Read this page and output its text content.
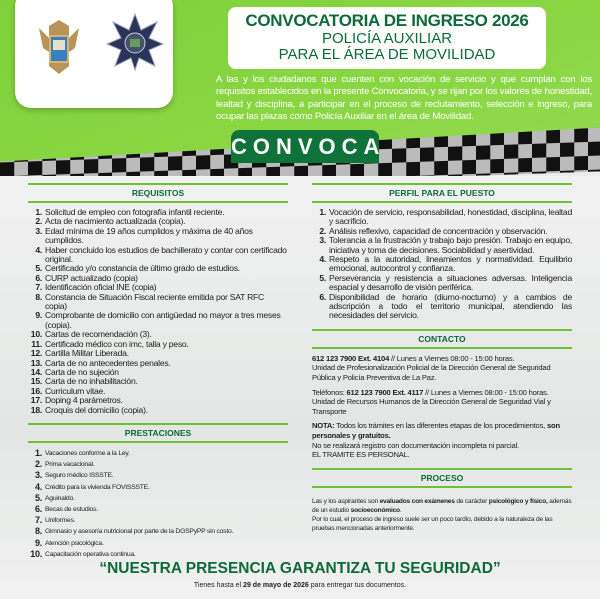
CONVOCATORIA DE INGRESO 2026
POLICÍA AUXILIAR
PARA EL ÁREA DE MOVILIDAD

A las y los ciudadanos que cuenten con vocación de servicio y que cumplan con los requisitos establecidos en la presente Convocatoria, y se rijan por los valores de honestidad, lealtad y disciplina, a participar en el proceso de reclutamiento, selección e ingreso, para ocupar las plazas como Policía Auxiliar en el área de Movilidad.

CONVOCA
REQUISITOS
1. Solicitud de empleo con fotografía infantil reciente.
2. Acta de nacimiento actualizada (copia).
3. Edad mínima de 19 años cumplidos y máxima de 40 años cumplidos.
4. Haber concluido los estudios de bachillerato y contar con certificado original.
5. Certificado y/o constancia de último grado de estudios.
6. CURP actualizado (copia)
7. Identificación oficial INE (copia)
8. Constancia de Situación Fiscal reciente emitida por SAT RFC copia)
9. Comprobante de domicilio con antigüedad no mayor a tres meses (copia).
10. Cartas de recomendación (3).
11. Certificado médico con imc, talla y peso.
12. Cartilla Militar Liberada.
13. Carta de no antecedentes penales.
14. Carta de no sujeción
15. Carta de no inhabilitación.
16. Curriculum vitae.
17. Doping 4 parámetros.
18. Croquis del domicilio (copia).
PRESTACIONES
1. Vacaciones conforme a la Ley.
2. Prima vacacional.
3. Seguro médico ISSSTE.
4. Crédito para la vivienda FOVISSSTE.
5. Aguinaldo.
6. Becas de estudios.
7. Uniformes.
8. Gimnasio y asesoría nutricional por parte de la DGSPyPP sin costo.
9. Atención psicológica.
10. Capacitación operativa continua.
PERFIL PARA EL PUESTO
1. Vocación de servicio, responsabilidad, honestidad, disciplina, lealtad y sacrificio.
2. Análisis reflexivo, capacidad de concentración y observación.
3. Tolerancia a la frustración y trabajo bajo presión. Trabajo en equipo, iniciativa y toma de decisiones. Sociabilidad y asertividad.
4. Respeto a la autoridad, lineamientos y normatividad. Equilibrio emocional, autocontrol y confianza.
5. Perseverancia y resistencia a situaciones adversas. Inteligencia espacial y desarrollo de visión periférica.
6. Disponibilidad de horario (diurno-nocturno) y a cambios de adscripción a todo el territorio municipal, atendiendo las necesidades del servicio.
CONTACTO

612 123 7900 Ext. 4104 // Lunes a Viernes 08:00 - 15:00 horas.
Unidad de Profesionalización Policial de la Dirección General de Seguridad Pública y Policía Preventiva de La Paz.

Teléfonos: 612 123 7900 Ext. 4117 // Lunes a Viernes 08:00 - 15:00 horas.
Unidad de Recursos Humanos de la Dirección General de Seguridad Vial y Transporte

NOTA: Todos los trámites en las diferentes etapas de los procedimientos, son personales y gratuitos.
No se realizará registro con documentación incompleta ni parcial.
EL TRAMITE ES PERSONAL.

PROCESO

Las y los aspirantes son evaluados con exámenes de carácter psicológico y físico, además de un estudio socioeconómico.
Por lo cual, el proceso de ingreso suele ser un poco tardío, debido a la naturaleza de las pruebas mencionadas anteriormente.

“NUESTRA PRESENCIA GARANTIZA TU SEGURIDAD”
Tienes hasta el 29 de mayo de 2026 para entregar tus documentos.
